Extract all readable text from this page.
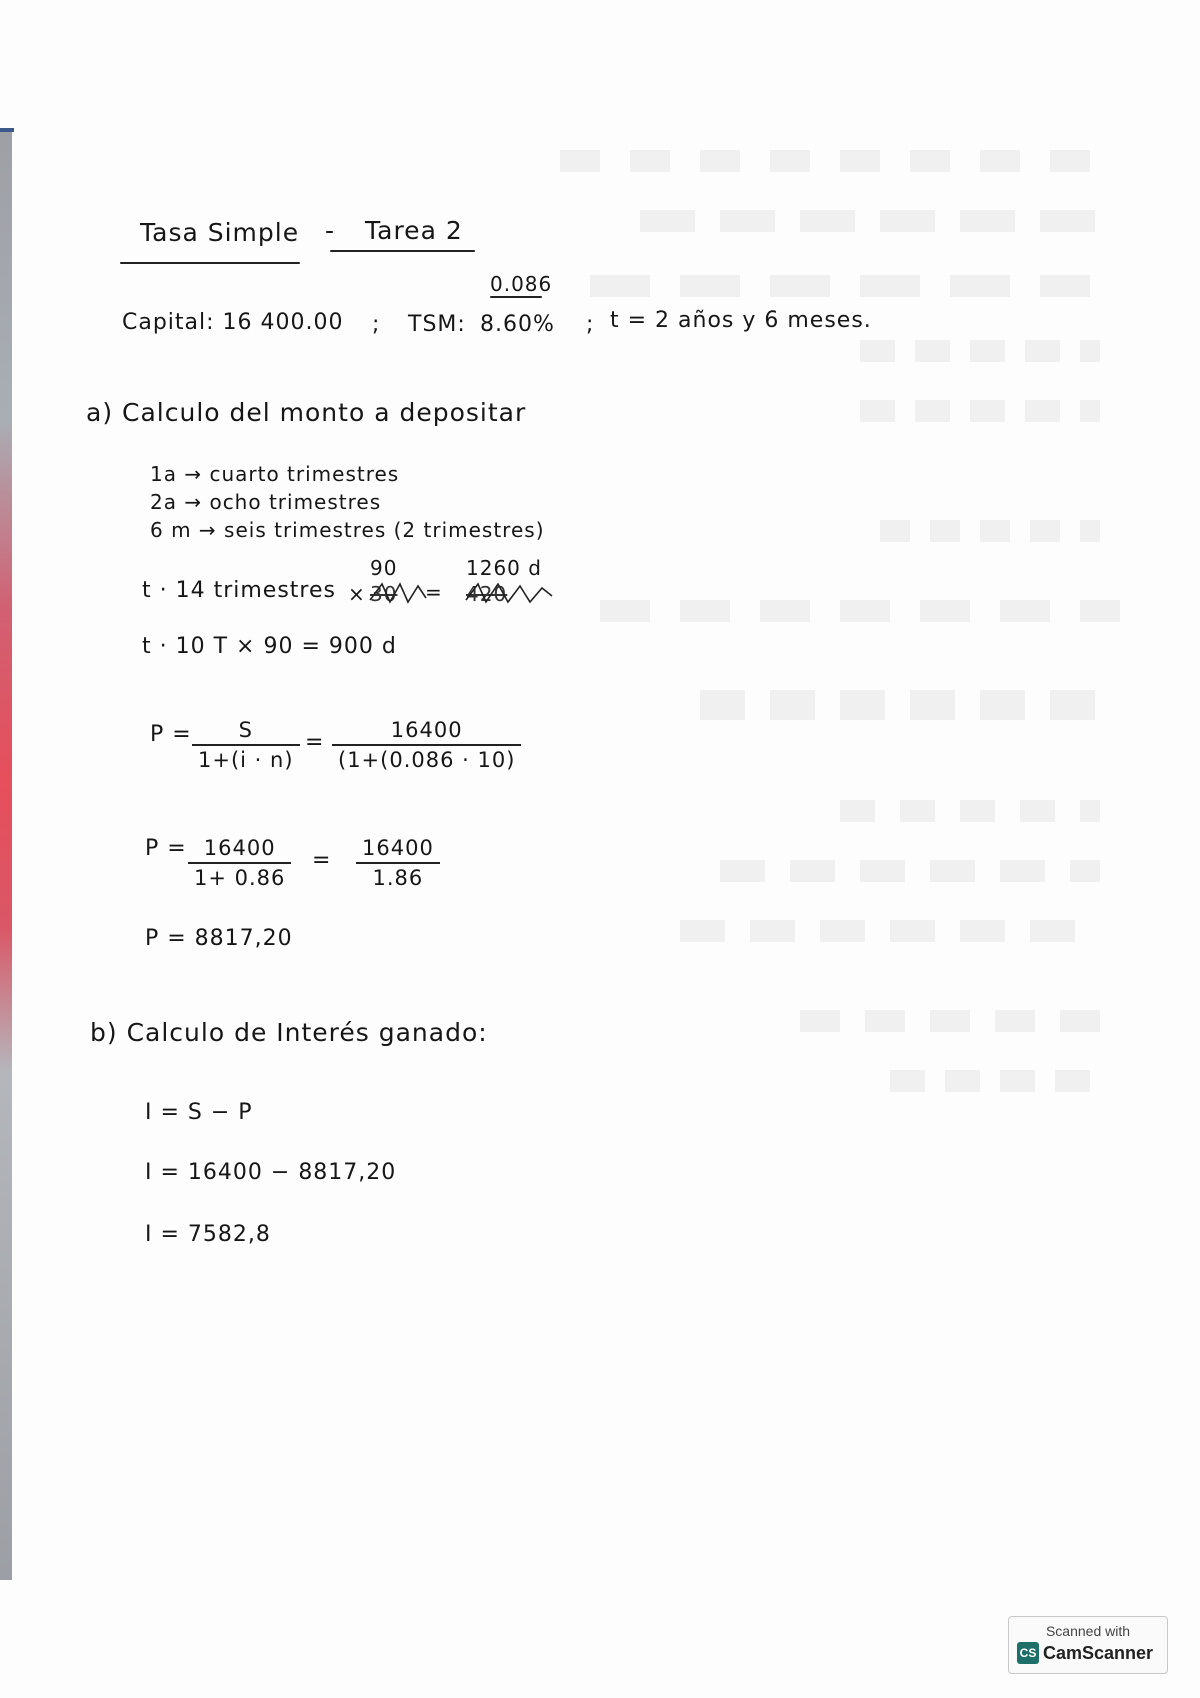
Tasa Simple - Tarea 2
Capital: 16 400.00 ; TSM:
0.086
8.60% ; t = 2 años y 6 meses.
a) Calculo del monto a depositar
1a → cuarto trimestres
2a → ocho trimestres
6 m → seis trimestres (2 trimestres)
t · 14 trimestres ×
90
30 =
1260 d
420
t · 10 T × 90 = 900 d
P = S
1+(i · n)
=	16400
(1+(0.086 · 10)
P = 16400
1+ 0.86
= 16400
1.86
P = 8817,20
b) Calculo de Interés ganado:
I = S − P
I = 16400 − 8817,20
I = 7582,8
Scanned with
CS CamScanner
